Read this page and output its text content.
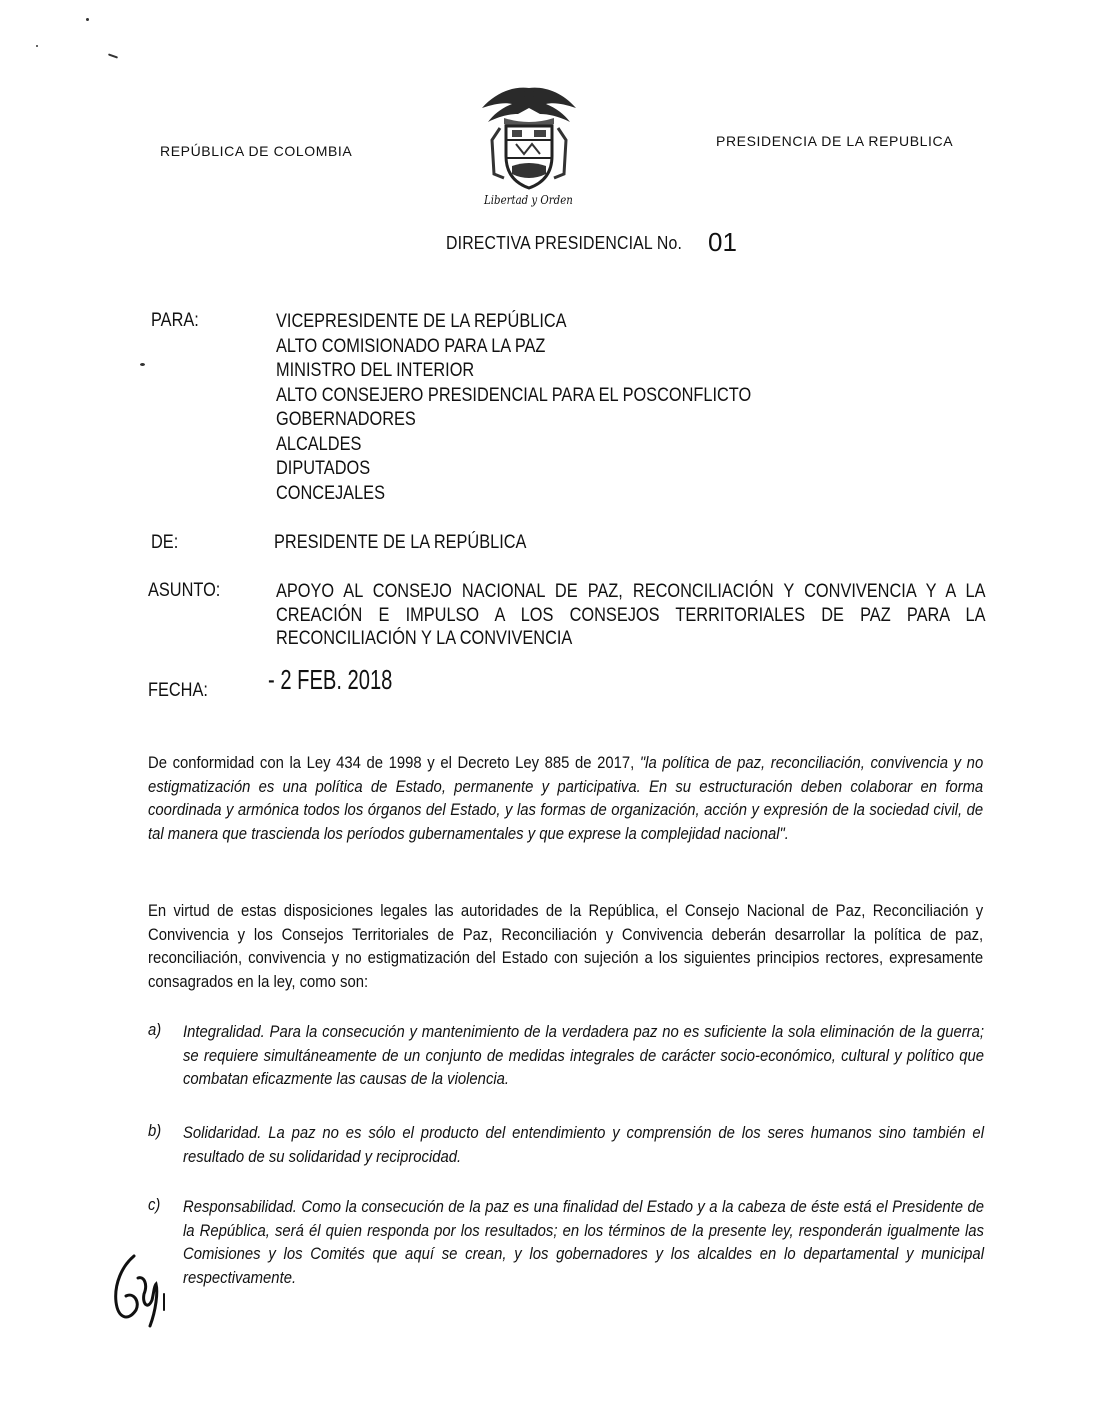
REPÚBLICA DE COLOMBIA
PRESIDENCIA DE LA REPUBLICA
Libertad y Orden
DIRECTIVA PRESIDENCIAL No. 01
PARA:	VICEPRESIDENTE DE LA REPÚBLICA
ALTO COMISIONADO PARA LA PAZ
MINISTRO DEL INTERIOR
ALTO CONSEJERO PRESIDENCIAL PARA EL POSCONFLICTO
GOBERNADORES
ALCALDES
DIPUTADOS
CONCEJALES
DE:	PRESIDENTE DE LA REPÚBLICA
ASUNTO:	APOYO AL CONSEJO NACIONAL DE PAZ, RECONCILIACIÓN Y CONVIVENCIA Y A LA CREACIÓN E IMPULSO A LOS CONSEJOS TERRITORIALES DE PAZ PARA LA RECONCILIACIÓN Y LA CONVIVENCIA
FECHA: - 2 FEB. 2018
De conformidad con la Ley 434 de 1998 y el Decreto Ley 885 de 2017, "la política de paz, reconciliación, convivencia y no estigmatización es una política de Estado, permanente y participativa. En su estructuración deben colaborar en forma coordinada y armónica todos los órganos del Estado, y las formas de organización, acción y expresión de la sociedad civil, de tal manera que trascienda los períodos gubernamentales y que exprese la complejidad nacional".
En virtud de estas disposiciones legales las autoridades de la República, el Consejo Nacional de Paz, Reconciliación y Convivencia y los Consejos Territoriales de Paz, Reconciliación y Convivencia deberán desarrollar la política de paz, reconciliación, convivencia y no estigmatización del Estado con sujeción a los siguientes principios rectores, expresamente consagrados en la ley, como son:
a) Integralidad. Para la consecución y mantenimiento de la verdadera paz no es suficiente la sola eliminación de la guerra; se requiere simultáneamente de un conjunto de medidas integrales de carácter socio-económico, cultural y político que combatan eficazmente las causas de la violencia.
b) Solidaridad. La paz no es sólo el producto del entendimiento y comprensión de los seres humanos sino también el resultado de su solidaridad y reciprocidad.
c) Responsabilidad. Como la consecución de la paz es una finalidad del Estado y a la cabeza de éste está el Presidente de la República, será él quien responda por los resultados; en los términos de la presente ley, responderán igualmente las Comisiones y los Comités que aquí se crean, y los gobernadores y los alcaldes en lo departamental y municipal respectivamente.
